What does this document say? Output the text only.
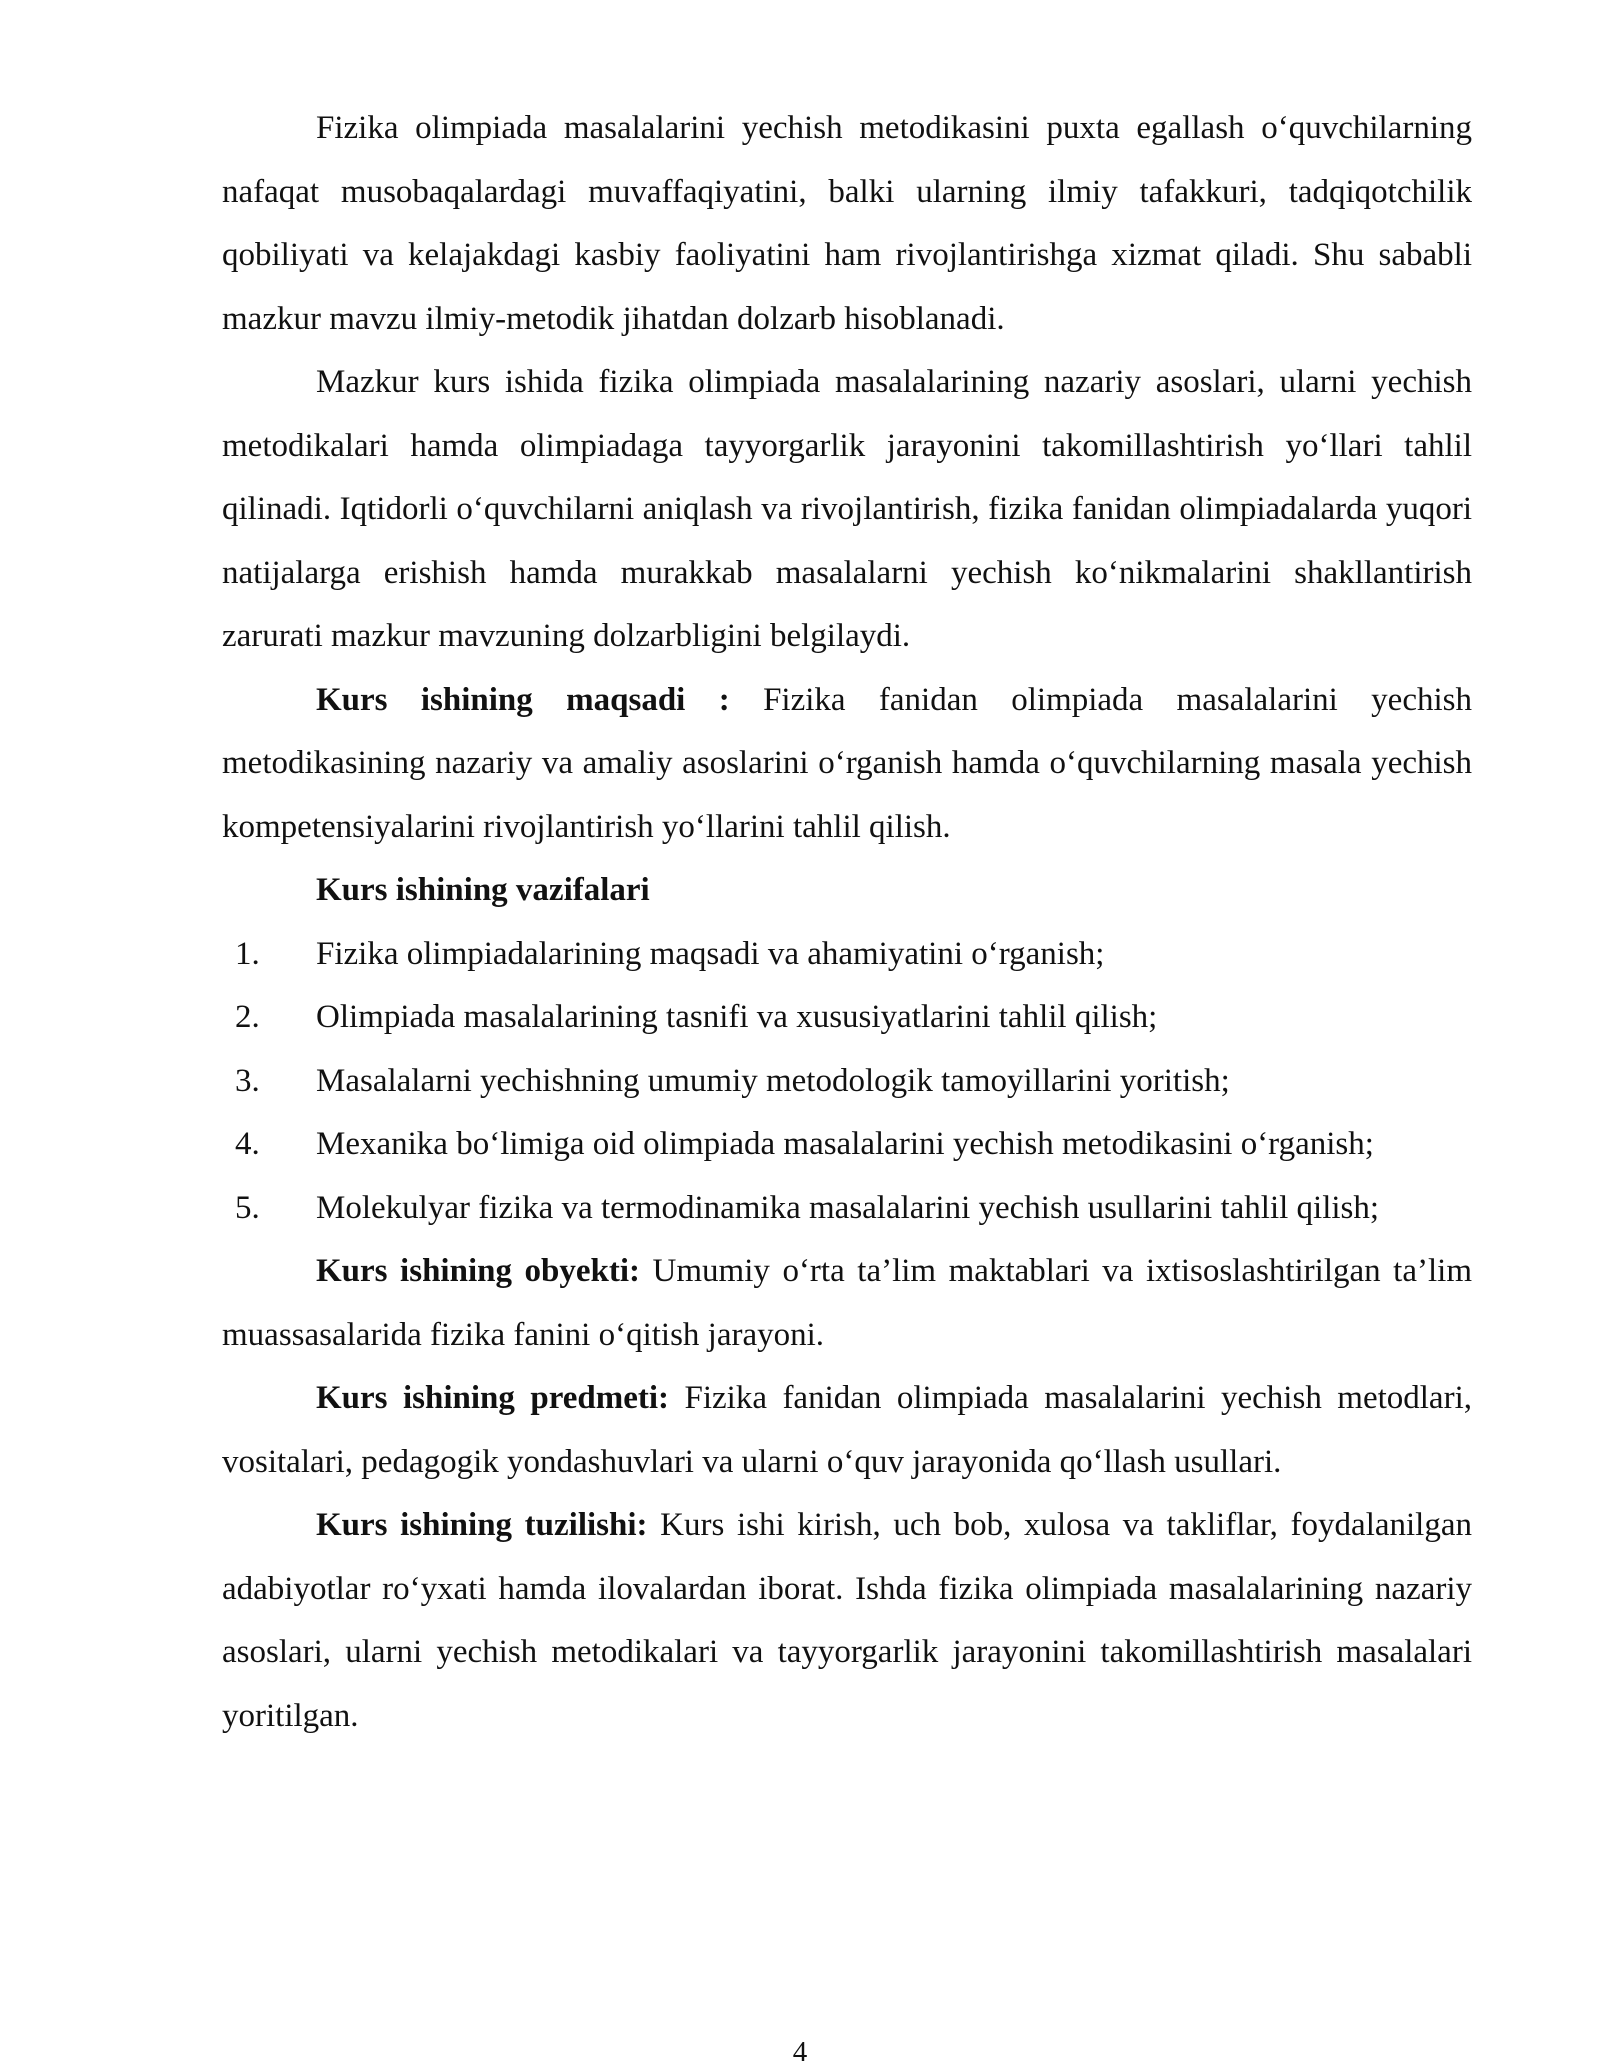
Fizika olimpiada masalalarini yechish metodikasini puxta egallash o‘quvchilarning nafaqat musobaqalardagi muvaffaqiyatini, balki ularning ilmiy tafakkuri, tadqiqotchilik qobiliyati va kelajakdagi kasbiy faoliyatini ham rivojlantirishga xizmat qiladi. Shu sababli mazkur mavzu ilmiy-metodik jihatdan dolzarb hisoblanadi.

Mazkur kurs ishida fizika olimpiada masalalarining nazariy asoslari, ularni yechish metodikalari hamda olimpiadaga tayyorgarlik jarayonini takomillashtirish yo‘llari tahlil qilinadi. Iqtidorli o‘quvchilarni aniqlash va rivojlantirish, fizika fanidan olimpiadalarda yuqori natijalarga erishish hamda murakkab masalalarni yechish ko‘nikmalarini shakllantirish zarurati mazkur mavzuning dolzarbligini belgilaydi.

Kurs ishining maqsadi : Fizika fanidan olimpiada masalalarini yechish metodikasining nazariy va amaliy asoslarini o‘rganish hamda o‘quvchilarning masala yechish kompetensiyalarini rivojlantirish yo‘llarini tahlil qilish.

Kurs ishining vazifalari

1. Fizika olimpiadalarining maqsadi va ahamiyatini o‘rganish;

2. Olimpiada masalalarining tasnifi va xususiyatlarini tahlil qilish;

3. Masalalarni yechishning umumiy metodologik tamoyillarini yoritish;

4. Mexanika bo‘limiga oid olimpiada masalalarini yechish metodikasini o‘rganish;

5. Molekulyar fizika va termodinamika masalalarini yechish usullarini tahlil qilish;

Kurs ishining obyekti: Umumiy o‘rta ta’lim maktablari va ixtisoslashtirilgan ta’lim muassasalarida fizika fanini o‘qitish jarayoni.

Kurs ishining predmeti: Fizika fanidan olimpiada masalalarini yechish metodlari, vositalari, pedagogik yondashuvlari va ularni o‘quv jarayonida qo‘llash usullari.

Kurs ishining tuzilishi: Kurs ishi kirish, uch bob, xulosa va takliflar, foydalanilgan adabiyotlar ro‘yxati hamda ilovalardan iborat. Ishda fizika olimpiada masalalarining nazariy asoslari, ularni yechish metodikalari va tayyorgarlik jarayonini takomillashtirish masalalari yoritilgan.

4
